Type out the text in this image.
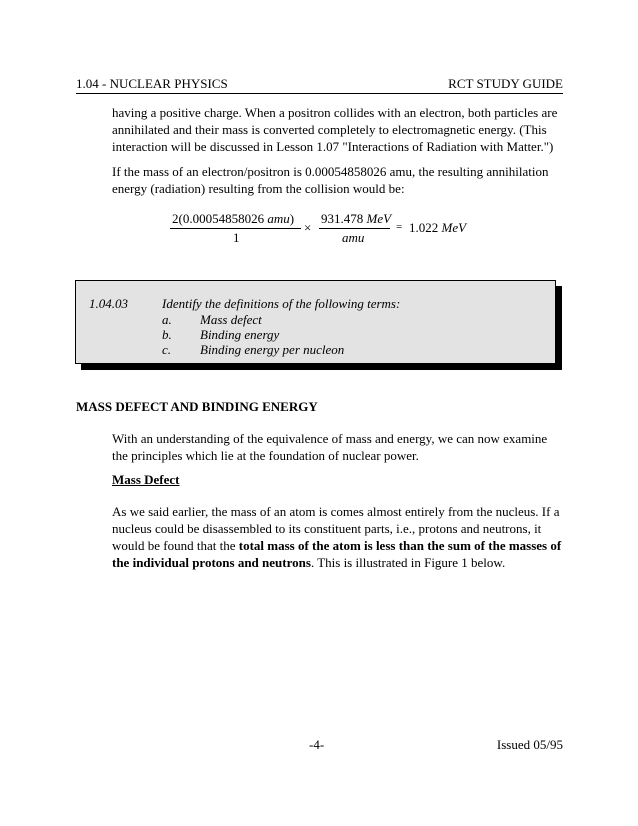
1.04 - NUCLEAR PHYSICS	RCT STUDY GUIDE
having a positive charge. When a positron collides with an electron, both particles are annihilated and their mass is converted completely to electromagnetic energy. (This interaction will be discussed in Lesson 1.07 "Interactions of Radiation with Matter.")
If the mass of an electron/positron is 0.00054858026 amu, the resulting annihilation energy (radiation) resulting from the collision would be:
2(0.00054858026 amu)
1
×
931.478 MeV
amu
= 1.022 MeV
1.04.03	Identify the definitions of the following terms:
a. Mass defect
b. Binding energy
c. Binding energy per nucleon
MASS DEFECT AND BINDING ENERGY
With an understanding of the equivalence of mass and energy, we can now examine the principles which lie at the foundation of nuclear power.
Mass Defect
As we said earlier, the mass of an atom is comes almost entirely from the nucleus. If a nucleus could be disassembled to its constituent parts, i.e., protons and neutrons, it would be found that the total mass of the atom is less than the sum of the masses of the individual protons and neutrons. This is illustrated in Figure 1 below.
-4-	Issued 05/95
